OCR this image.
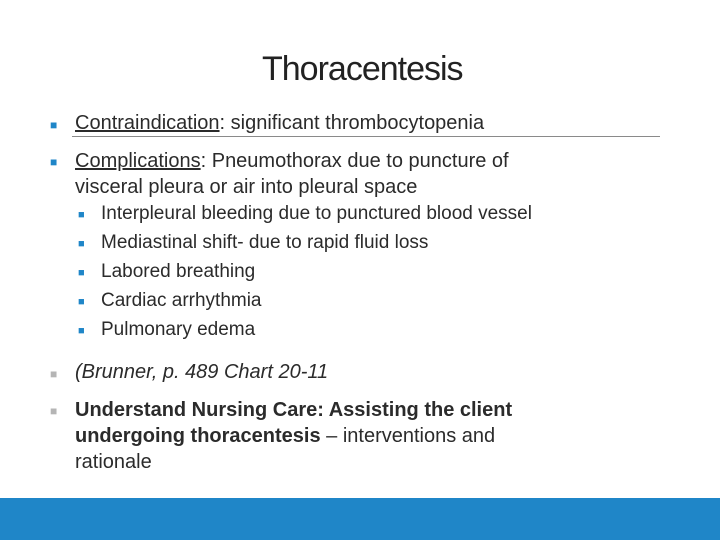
Thoracentesis
■ Contraindication: significant thrombocytopenia
■ Complications: Pneumothorax due to puncture of
visceral pleura or air into pleural space
■ Interpleural bleeding due to punctured blood vessel
■ Mediastinal shift- due to rapid fluid loss
■ Labored breathing
■ Cardiac arrhythmia
■ Pulmonary edema
■ (Brunner, p. 489 Chart 20-11
■ Understand Nursing Care: Assisting the client
undergoing thoracentesis – interventions and
rationale
